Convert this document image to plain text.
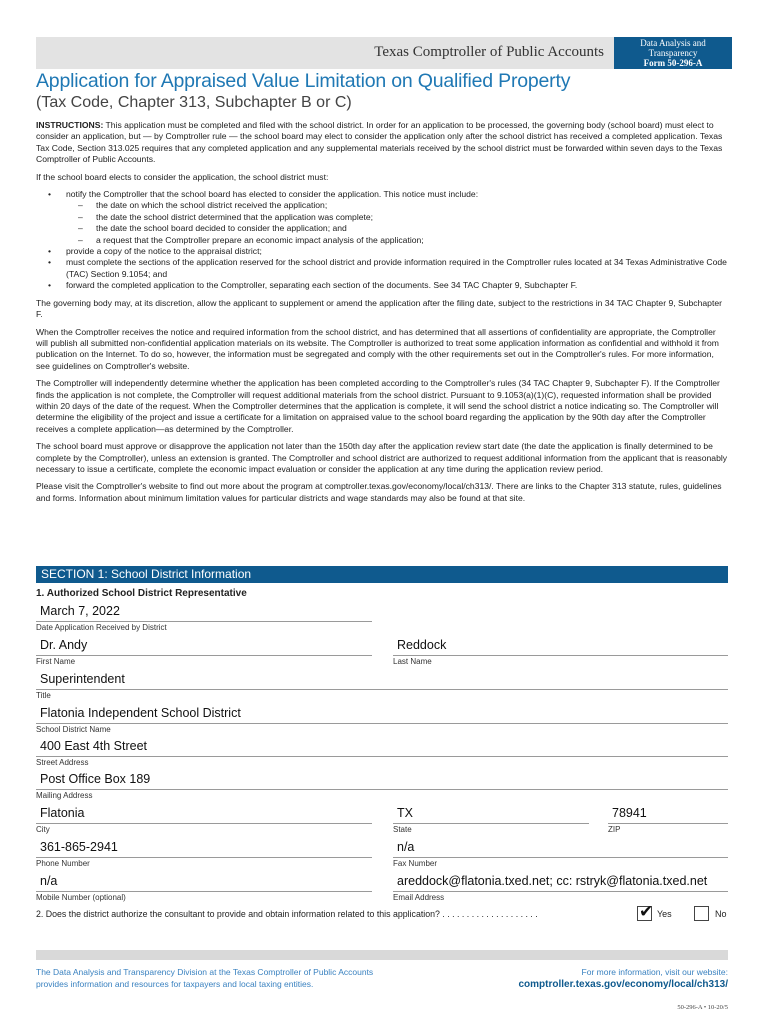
Texas Comptroller of Public Accounts
Data Analysis and
Transparency
Form 50-296-A
Application for Appraised Value Limitation on Qualified Property
(Tax Code, Chapter 313, Subchapter B or C)

INSTRUCTIONS: This application must be completed and filed with the school district. In order for an application to be processed, the governing body (school board) must elect to consider an application, but — by Comptroller rule — the school board may elect to consider the application only after the school district has received a completed application. Texas Tax Code, Section 313.025 requires that any completed application and any supplemental materials received by the school district must be forwarded within seven days to the Texas Comptroller of Public Accounts.

If the school board elects to consider the application, the school district must:

• notify the Comptroller that the school board has elected to consider the application. This notice must include:
– the date on which the school district received the application;
– the date the school district determined that the application was complete;
– the date the school board decided to consider the application; and
– a request that the Comptroller prepare an economic impact analysis of the application;
• provide a copy of the notice to the appraisal district;
• must complete the sections of the application reserved for the school district and provide information required in the Comptroller rules located at 34 Texas Administrative Code (TAC) Section 9.1054; and
• forward the completed application to the Comptroller, separating each section of the documents. See 34 TAC Chapter 9, Subchapter F.

The governing body may, at its discretion, allow the applicant to supplement or amend the application after the filing date, subject to the restrictions in 34 TAC Chapter 9, Subchapter F.

When the Comptroller receives the notice and required information from the school district, and has determined that all assertions of confidentiality are appropriate, the Comptroller will publish all submitted non-confidential application materials on its website. The Comptroller is authorized to treat some application information as confidential and withhold it from publication on the Internet. To do so, however, the information must be segregated and comply with the other requirements set out in the Comptroller's rules. For more information, see guidelines on Comptroller's website.

The Comptroller will independently determine whether the application has been completed according to the Comptroller's rules (34 TAC Chapter 9, Subchapter F). If the Comptroller finds the application is not complete, the Comptroller will request additional materials from the school district. Pursuant to 9.1053(a)(1)(C), requested information shall be provided within 20 days of the date of the request. When the Comptroller determines that the application is complete, it will send the school district a notice indicating so. The Comptroller will determine the eligibility of the project and issue a certificate for a limitation on appraised value to the school board regarding the application by the 90th day after the Comptroller receives a complete application—as determined by the Comptroller.

The school board must approve or disapprove the application not later than the 150th day after the application review start date (the date the application is finally determined to be complete by the Comptroller), unless an extension is granted. The Comptroller and school district are authorized to request additional information from the applicant that is reasonably necessary to issue a certificate, complete the economic impact evaluation or consider the application at any time during the application review period.

Please visit the Comptroller's website to find out more about the program at comptroller.texas.gov/economy/local/ch313/. There are links to the Chapter 313 statute, rules, guidelines and forms. Information about minimum limitation values for particular districts and wage standards may also be found at that site.

SECTION 1: School District Information
1. Authorized School District Representative
March 7, 2022
Date Application Received by District
Dr. Andy
First Name
Reddock
Last Name
Superintendent
Title
Flatonia Independent School District
School District Name
400 East 4th Street
Street Address
Post Office Box 189
Mailing Address
Flatonia
City
TX
State
78941
ZIP
361-865-2941
Phone Number
n/a
Fax Number
n/a
Mobile Number (optional)
areddock@flatonia.txed.net; cc: rstryk@flatonia.txed.net
Email Address
2. Does the district authorize the consultant to provide and obtain information related to this application? . . . . . . . . . . . . . . . . . . . .	✔ Yes	No
The Data Analysis and Transparency Division at the Texas Comptroller of Public Accounts
provides information and resources for taxpayers and local taxing entities.
For more information, visit our website:
comptroller.texas.gov/economy/local/ch313/
50-296-A • 10-20/5
